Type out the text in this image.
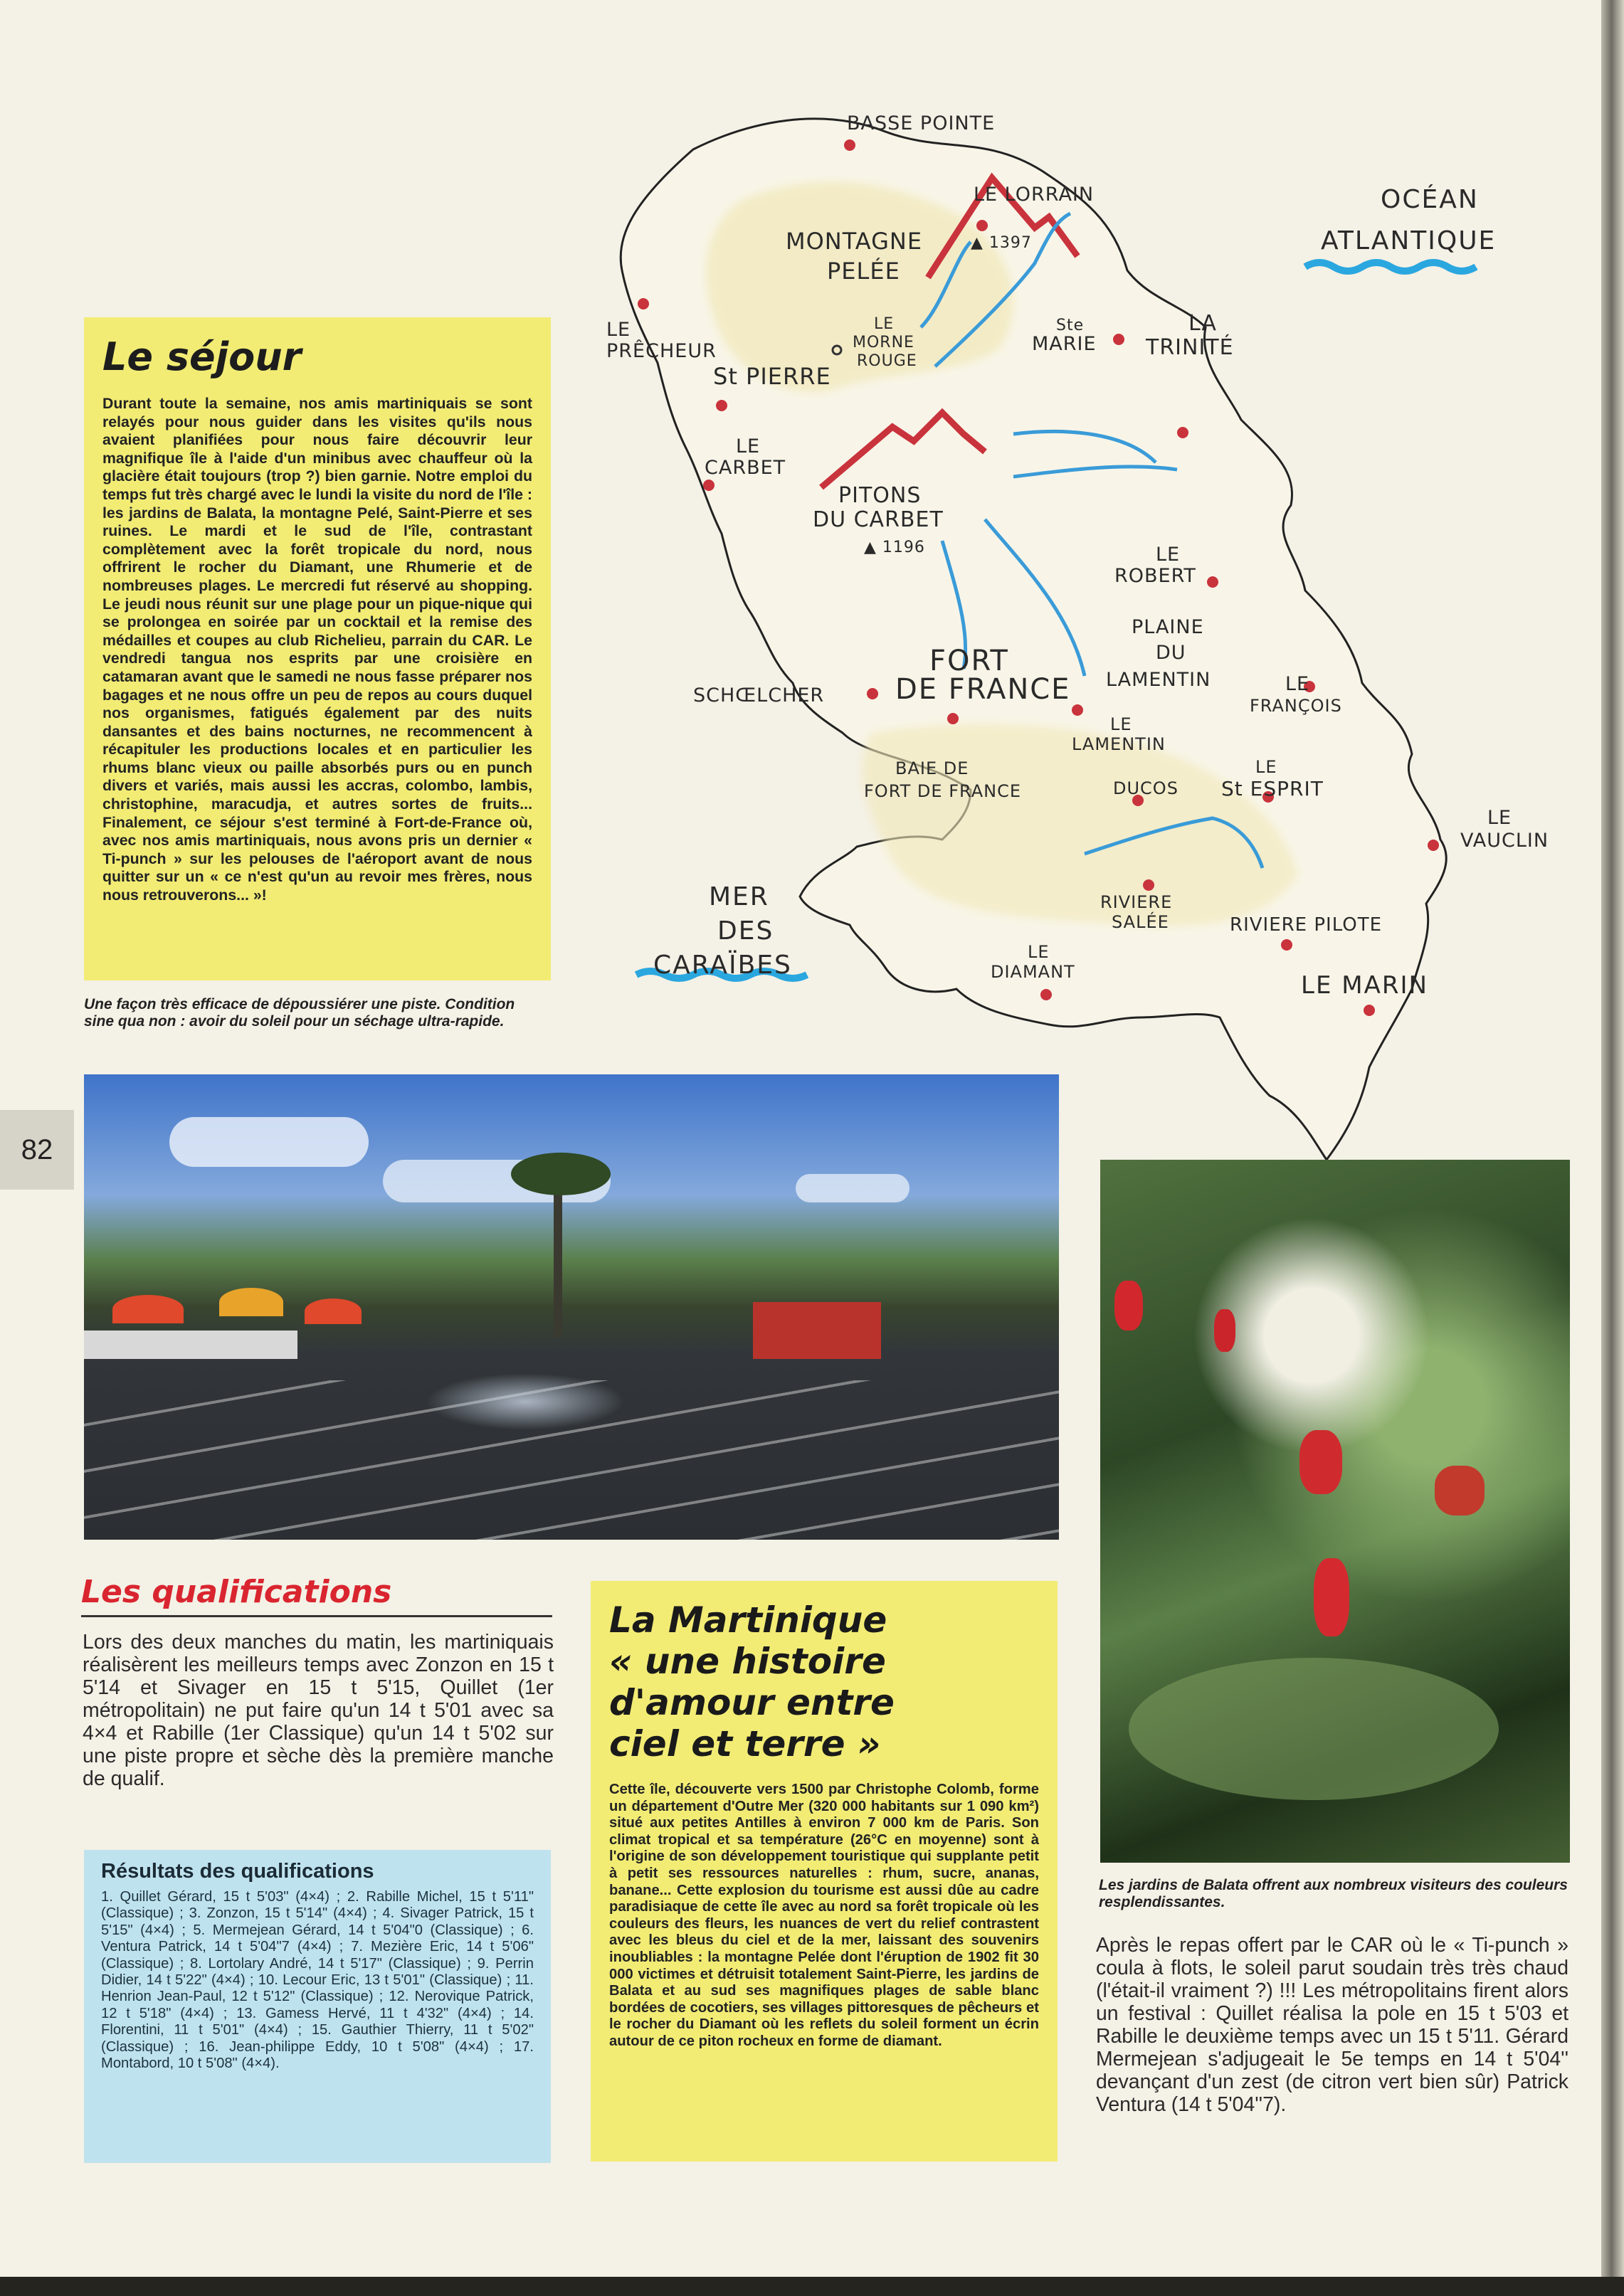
82
OCÉAN
ATLANTIQUE
MER
DES
CARAÏBES
MONTAGNE
PELÉE
▲ 1397
PITONS
DU CARBET
▲ 1196
BASSE POINTE
LE LORRAIN
LE
PRÊCHEUR
LE
MORNE
ROUGE
Ste
MARIE
LA
TRINITÉ
St PIERRE
LE
CARBET
LE
ROBERT
PLAINE
DU
LAMENTIN
FORT
DE FRANCE
SCHŒLCHER
LE
FRANÇOIS
LE
LAMENTIN
BAIE DE
FORT DE FRANCE	DUCOS
LE
St ESPRIT
LE
VAUCLIN
RIVIERE
SALÉE	RIVIERE PILOTE
LE
DIAMANT	LE MARIN
Le séjour

Durant toute la semaine, nos amis martiniquais se sont relayés pour nous guider dans les visites qu'ils nous avaient planifiées pour nous faire découvrir leur magnifique île à l'aide d'un minibus avec chauffeur où la glacière était toujours (trop ?) bien garnie. Notre emploi du temps fut très chargé avec le lundi la visite du nord de l'île : les jardins de Balata, la montagne Pelé, Saint-Pierre et ses ruines. Le mardi et le sud de l'île, contrastant complètement avec la forêt tropicale du nord, nous offrirent le rocher du Diamant, une Rhumerie et de nombreuses plages. Le mercredi fut réservé au shopping. Le jeudi nous réunit sur une plage pour un pique-nique qui se prolongea en soirée par un cocktail et la remise des médailles et coupes au club Richelieu, parrain du CAR. Le vendredi tangua nos esprits par une croisière en catamaran avant que le samedi ne nous fasse préparer nos bagages et ne nous offre un peu de repos au cours duquel nos organismes, fatigués également par des nuits dansantes et des bains nocturnes, ne recommencent à récapituler les productions locales et en particulier les rhums blanc vieux ou paille absorbés purs ou en punch divers et variés, mais aussi les accras, colombo, lambis, christophine, maracudja, et autres sortes de fruits... Finalement, ce séjour s'est terminé à Fort-de-France où, avec nos amis martiniquais, nous avons pris un dernier « Ti-punch » sur les pelouses de l'aéroport avant de nous quitter sur un « ce n'est qu'un au revoir mes frères, nous nous retrouverons... »!

Une façon très efficace de dépoussiérer une piste. Condition sine qua non : avoir du soleil pour un séchage ultra-rapide.
Les jardins de Balata offrent aux nombreux visiteurs des couleurs resplendissantes.
Les qualifications
Lors des deux manches du matin, les martiniquais réalisèrent les meilleurs temps avec Zonzon en 15 t 5'14 et Sivager en 15 t 5'15, Quillet (1er métropolitain) ne put faire qu'un 14 t 5'01 avec sa 4×4 et Rabille (1er Classique) qu'un 14 t 5'02 sur une piste propre et sèche dès la première manche de qualif.
Résultats des qualifications

1. Quillet Gérard, 15 t 5'03" (4×4) ; 2. Rabille Michel, 15 t 5'11" (Classique) ; 3. Zonzon, 15 t 5'14" (4×4) ; 4. Sivager Patrick, 15 t 5'15" (4×4) ; 5. Mermejean Gérard, 14 t 5'04"0 (Classique) ; 6. Ventura Patrick, 14 t 5'04"7 (4×4) ; 7. Mezière Eric, 14 t 5'06" (Classique) ; 8. Lortolary André, 14 t 5'17" (Classique) ; 9. Perrin Didier, 14 t 5'22" (4×4) ; 10. Lecour Eric, 13 t 5'01" (Classique) ; 11. Henrion Jean-Paul, 12 t 5'12" (Classique) ; 12. Nerovique Patrick, 12 t 5'18" (4×4) ; 13. Gamess Hervé, 11 t 4'32" (4×4) ; 14. Florentini, 11 t 5'01" (4×4) ; 15. Gauthier Thierry, 11 t 5'02" (Classique) ; 16. Jean-philippe Eddy, 10 t 5'08" (4×4) ; 17. Montabord, 10 t 5'08" (4×4).

La Martinique
« une histoire
d'amour entre
ciel et terre »

Cette île, découverte vers 1500 par Christophe Colomb, forme un département d'Outre Mer (320 000 habitants sur 1 090 km²) situé aux petites Antilles à environ 7 000 km de Paris. Son climat tropical et sa température (26°C en moyenne) sont à l'origine de son développement touristique qui supplante petit à petit ses ressources naturelles : rhum, sucre, ananas, banane... Cette explosion du tourisme est aussi dûe au cadre paradisiaque de cette île avec au nord sa forêt tropicale où les couleurs des fleurs, les nuances de vert du relief contrastent avec les bleus du ciel et de la mer, laissant des souvenirs inoubliables : la montagne Pelée dont l'éruption de 1902 fit 30 000 victimes et détruisit totalement Saint-Pierre, les jardins de Balata et au sud ses magnifiques plages de sable blanc bordées de cocotiers, ses villages pittoresques de pêcheurs et le rocher du Diamant où les reflets du soleil forment un écrin autour de ce piton rocheux en forme de diamant.

Après le repas offert par le CAR où le « Ti-punch » coula à flots, le soleil parut soudain très très chaud (l'était-il vraiment ?) !!! Les métropolitains firent alors un festival : Quillet réalisa la pole en 15 t 5'03 et Rabille le deuxième temps avec un 15 t 5'11. Gérard Mermejean s'adjugeait le 5e temps en 14 t 5'04'' devançant d'un zest (de citron vert bien sûr) Patrick Ventura (14 t 5'04''7).
